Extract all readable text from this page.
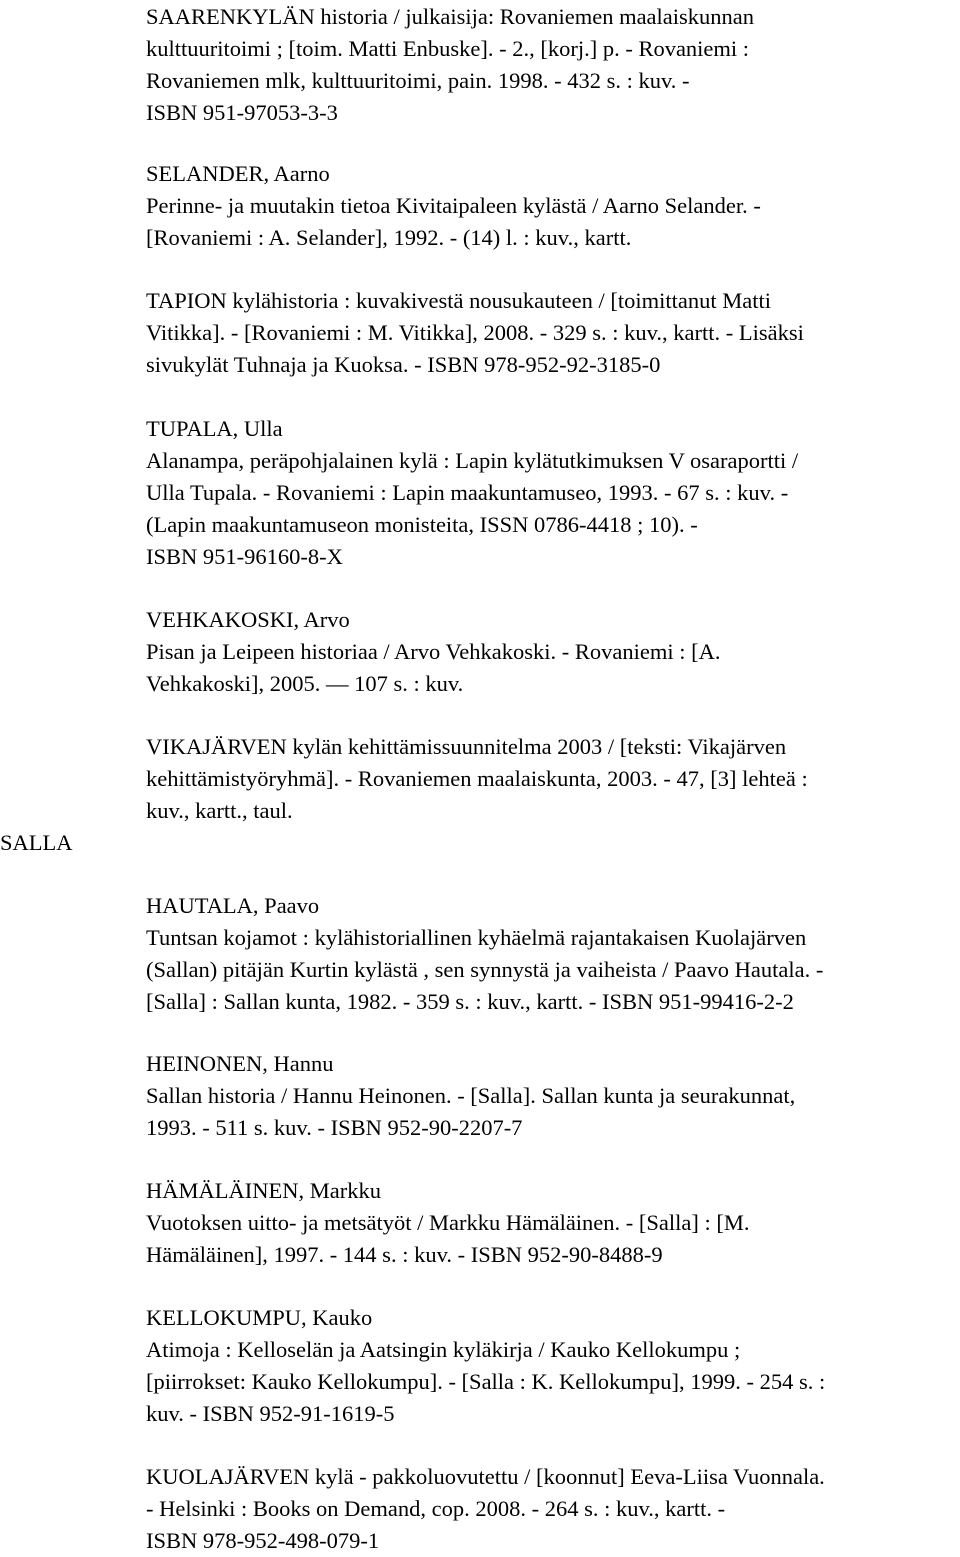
SAARENKYLÄN historia / julkaisija: Rovaniemen maalaiskunnan
kulttuuritoimi ; [toim. Matti Enbuske]. - 2., [korj.] p. - Rovaniemi :
Rovaniemen mlk, kulttuuritoimi, pain. 1998. - 432 s. : kuv. -
ISBN 951-97053-3-3
SELANDER, Aarno
Perinne- ja muutakin tietoa Kivitaipaleen kylästä / Aarno Selander. -
[Rovaniemi : A. Selander], 1992. - (14) l. : kuv., kartt.
TAPION kylähistoria : kuvakivestä nousukauteen / [toimittanut Matti
Vitikka]. - [Rovaniemi : M. Vitikka], 2008. - 329 s. : kuv., kartt. - Lisäksi
sivukylät Tuhnaja ja Kuoksa. - ISBN 978-952-92-3185-0
TUPALA, Ulla
Alanampa, peräpohjalainen kylä : Lapin kylätutkimuksen V osaraportti /
Ulla Tupala. - Rovaniemi : Lapin maakuntamuseo, 1993. - 67 s. : kuv. -
(Lapin maakuntamuseon monisteita, ISSN 0786-4418 ; 10). -
ISBN 951-96160-8-X
VEHKAKOSKI, Arvo
Pisan ja Leipeen historiaa / Arvo Vehkakoski. - Rovaniemi : [A.
Vehkakoski], 2005. — 107 s. : kuv.
VIKAJÄRVEN kylän kehittämissuunnitelma 2003 / [teksti: Vikajärven
kehittämistyöryhmä]. - Rovaniemen maalaiskunta, 2003. - 47, [3] lehteä :
kuv., kartt., taul.
SALLA
HAUTALA, Paavo
Tuntsan kojamot : kylähistoriallinen kyhäelmä rajantakaisen Kuolajärven
(Sallan) pitäjän Kurtin kylästä , sen synnystä ja vaiheista / Paavo Hautala. -
[Salla] : Sallan kunta, 1982. - 359 s. : kuv., kartt. - ISBN 951-99416-2-2
HEINONEN, Hannu
Sallan historia / Hannu Heinonen. - [Salla]. Sallan kunta ja seurakunnat,
1993. - 511 s. kuv. - ISBN 952-90-2207-7
HÄMÄLÄINEN, Markku
Vuotoksen uitto- ja metsätyöt / Markku Hämäläinen. - [Salla] : [M.
Hämäläinen], 1997. - 144 s. : kuv. - ISBN 952-90-8488-9
KELLOKUMPU, Kauko
Atimoja : Kelloselän ja Aatsingin kyläkirja / Kauko Kellokumpu ;
[piirrokset: Kauko Kellokumpu]. - [Salla : K. Kellokumpu], 1999. - 254 s. :
kuv. - ISBN 952-91-1619-5
KUOLAJÄRVEN kylä - pakkoluovutettu / [koonnut] Eeva-Liisa Vuonnala.
- Helsinki : Books on Demand, cop. 2008. - 264 s. : kuv., kartt. -
ISBN 978-952-498-079-1
